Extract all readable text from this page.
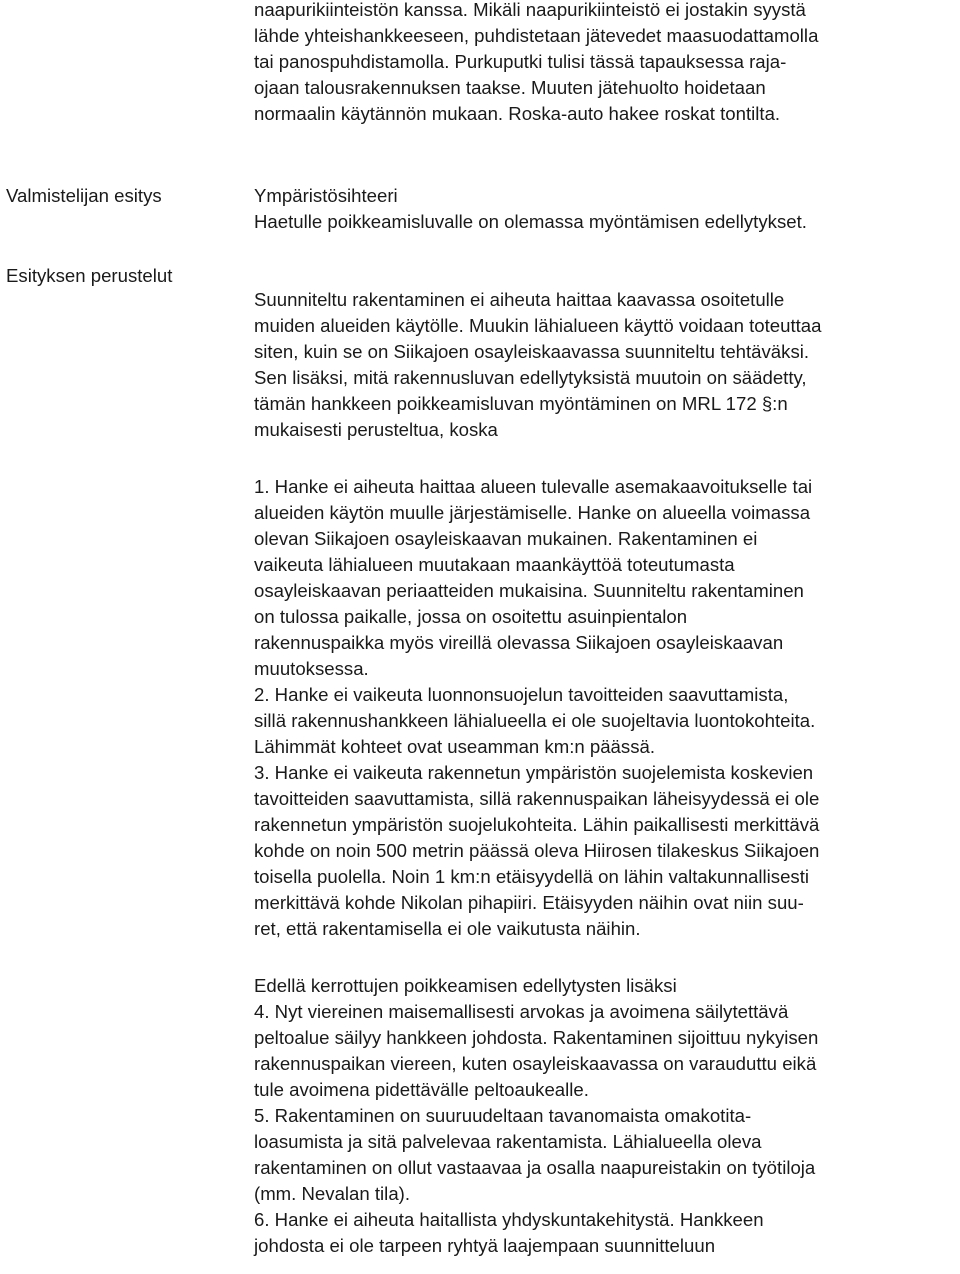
naapurikiinteistön kanssa. Mikäli naapurikiinteistö ei jostakin syystä
lähde yhteishankkeeseen, puhdistetaan jätevedet maasuodattamolla
tai panospuhdistamolla. Purkuputki tulisi tässä tapauksessa raja-
ojaan talousrakennuksen taakse. Muuten jätehuolto hoidetaan
normaalin käytännön mukaan. Roska-auto hakee roskat tontilta.
Valmistelijan esitys
Esityksen perustelut
Ympäristösihteeri
Haetulle poikkeamisluvalle on olemassa myöntämisen edellytykset.
Suunniteltu rakentaminen ei aiheuta haittaa kaavassa osoitetulle
muiden alueiden käytölle. Muukin lähialueen käyttö voidaan toteuttaa
siten, kuin se on Siikajoen osayleiskaavassa suunniteltu tehtäväksi.
Sen lisäksi, mitä rakennusluvan edellytyksistä muutoin on säädetty,
tämän hankkeen poikkeamisluvan myöntäminen on MRL 172 §:n
mukaisesti perusteltua, koska
1. Hanke ei aiheuta haittaa alueen tulevalle asemakaavoitukselle tai
alueiden käytön muulle järjestämiselle. Hanke on alueella voimassa
olevan Siikajoen osayleiskaavan mukainen. Rakentaminen ei
vaikeuta lähialueen muutakaan maankäyttöä toteutumasta
osayleiskaavan periaatteiden mukaisina. Suunniteltu rakentaminen
on tulossa paikalle, jossa on osoitettu asuinpientalon
rakennuspaikka myös vireillä olevassa Siikajoen osayleiskaavan
muutoksessa.
2. Hanke ei vaikeuta luonnonsuojelun tavoitteiden saavuttamista,
sillä rakennushankkeen lähialueella ei ole suojeltavia luontokohteita.
Lähimmät kohteet ovat useamman km:n päässä.
3. Hanke ei vaikeuta rakennetun ympäristön suojelemista koskevien
tavoitteiden saavuttamista, sillä rakennuspaikan läheisyydessä ei ole
rakennetun ympäristön suojelukohteita. Lähin paikallisesti merkittävä
kohde on noin 500 metrin päässä oleva Hiirosen tilakeskus Siikajoen
toisella puolella. Noin 1 km:n etäisyydellä on lähin valtakunnallisesti
merkittävä kohde Nikolan pihapiiri. Etäisyyden näihin ovat niin suu-
ret, että rakentamisella ei ole vaikutusta näihin.
Edellä kerrottujen poikkeamisen edellytysten lisäksi
4. Nyt viereinen maisemallisesti arvokas ja avoimena säilytettävä
peltoalue säilyy hankkeen johdosta. Rakentaminen sijoittuu nykyisen
rakennuspaikan viereen, kuten osayleiskaavassa on varauduttu eikä
tule avoimena pidettävälle peltoaukealle.
5. Rakentaminen on suuruudeltaan tavanomaista omakotita-
loasumista ja sitä palvelevaa rakentamista. Lähialueella oleva
rakentaminen on ollut vastaavaa ja osalla naapureistakin on työtiloja
(mm. Nevalan tila).
6. Hanke ei aiheuta haitallista yhdyskuntakehitystä. Hankkeen
johdosta ei ole tarpeen ryhtyä laajempaan suunnitteluun
